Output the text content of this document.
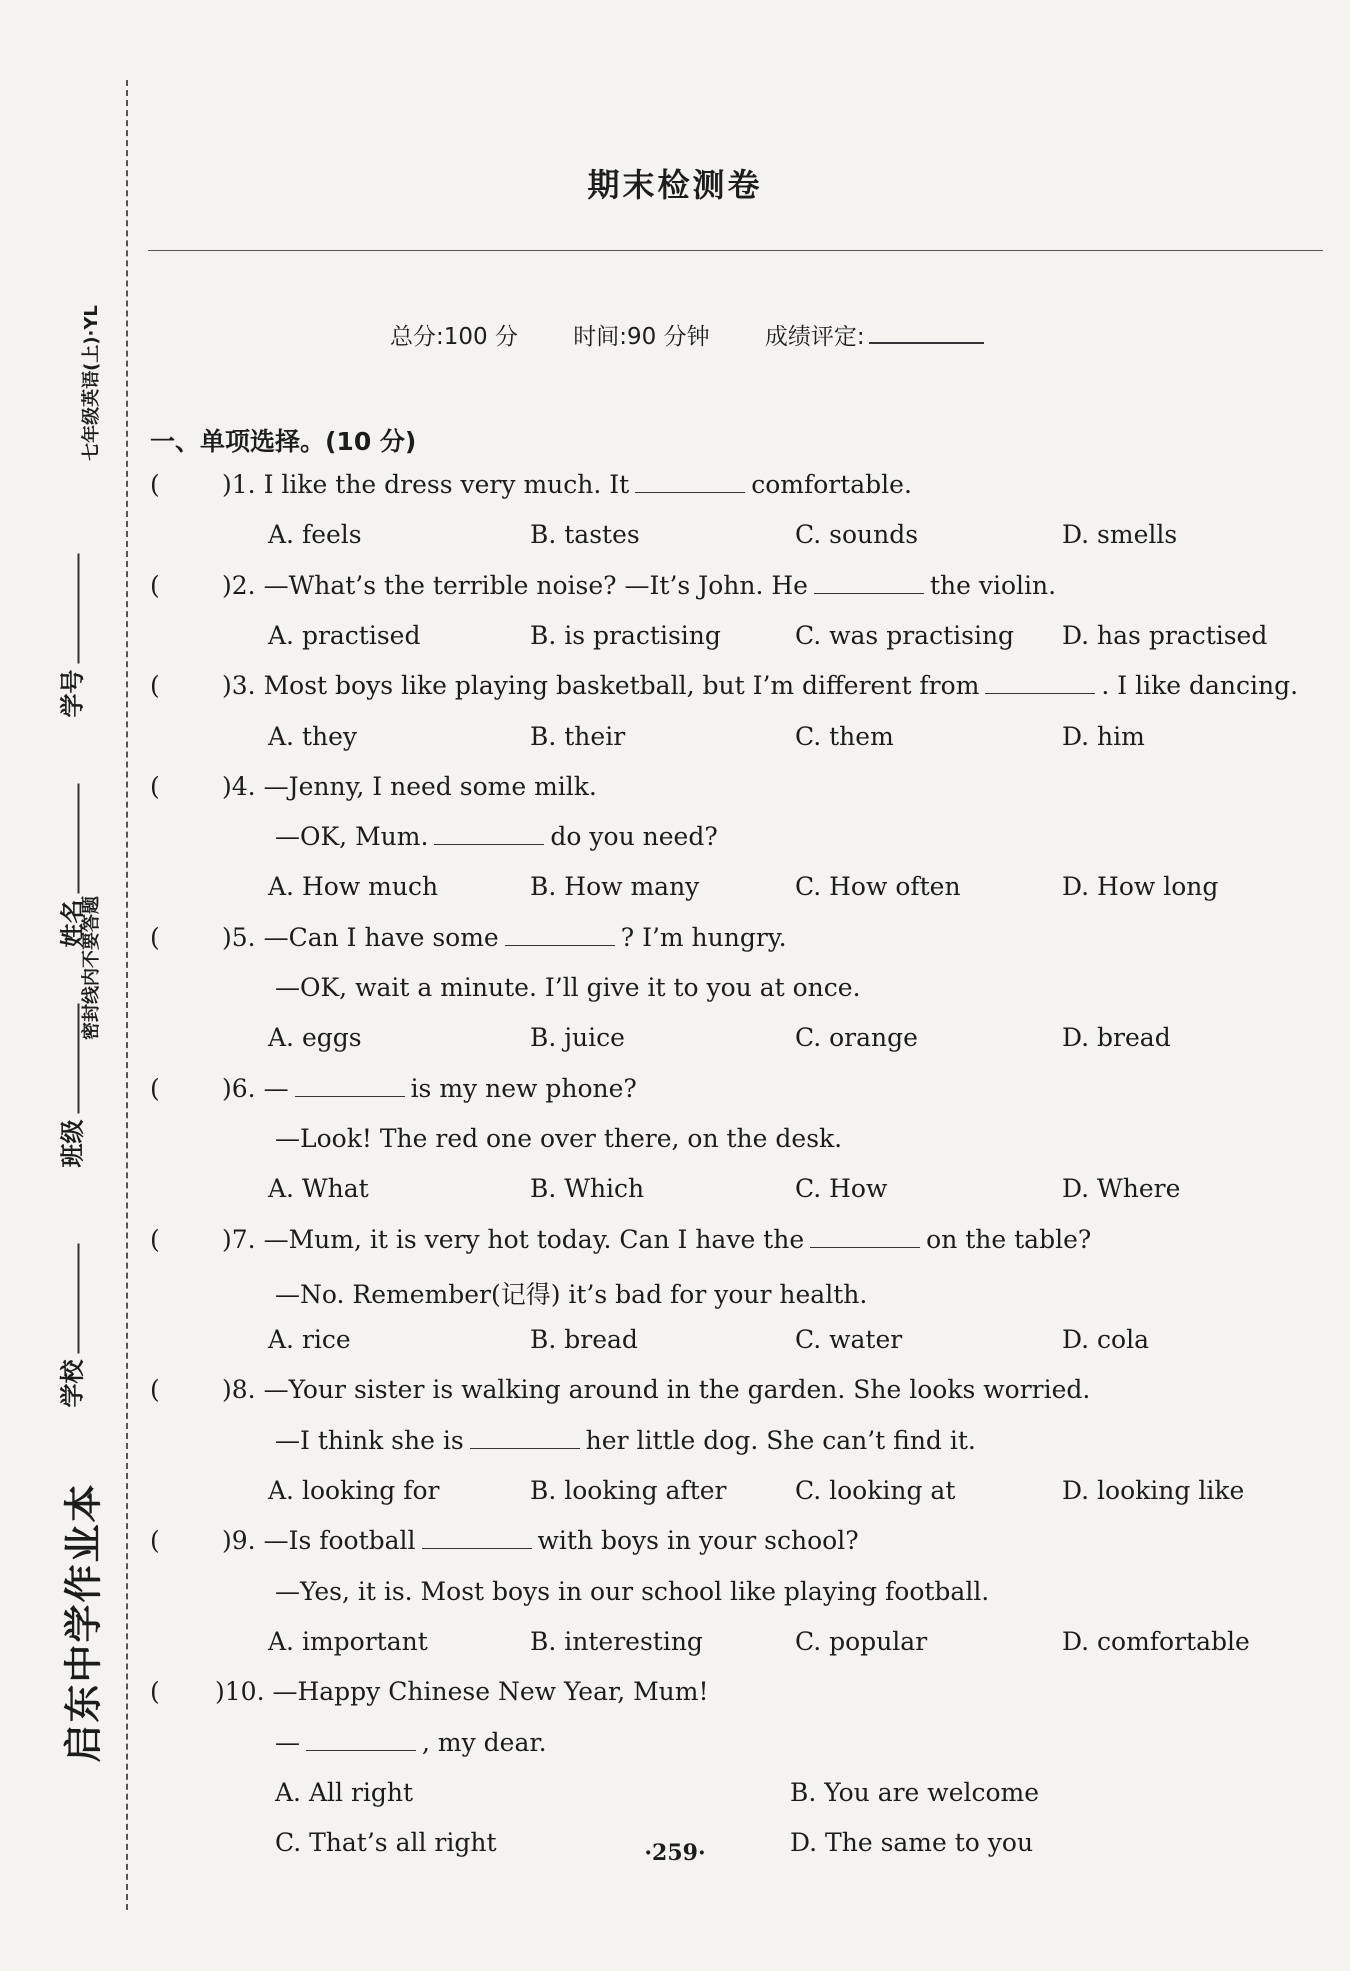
启东中学作业本
学校
班级
姓名
学号
七年级英语(上)·YL
密封线内不要答题
期末检测卷
总分:100 分 时间:90 分钟 成绩评定:
一、单项选择。(10 分)
( )1. I like the dress very much. It	comfortable.
A. feels	B. tastes	C. sounds	D. smells
( )2. —What’s the terrible noise? —It’s John. He	the violin.
A. practised	B. is practising	C. was practising D. has practised
( )3. Most boys like playing basketball, but I’m different from	. I like dancing.
A. they	B. their	C. them	D. him
( )4. —Jenny, I need some milk.
—OK, Mum.	do you need?
A. How much	B. How many	C. How often	D. How long
( )5. —Can I have some	? I’m hungry.
—OK, wait a minute. I’ll give it to you at once.
A. eggs	B. juice	C. orange	D. bread
( )6. —	is my new phone?
—Look! The red one over there, on the desk.
A. What	B. Which	C. How	D. Where
( )7. —Mum, it is very hot today. Can I have the	on the table?
—No. Remember(记得) it’s bad for your health.
A. rice	B. bread	C. water	D. cola
( )8. —Your sister is walking around in the garden. She looks worried.
—I think she is	her little dog. She can’t find it.
A. looking for	B. looking after	C. looking at	D. looking like
( )9. —Is football	with boys in your school?
—Yes, it is. Most boys in our school like playing football.
A. important	B. interesting	C. popular	D. comfortable
( )10. —Happy Chinese New Year, Mum!
—	, my dear.
A. All right	B. You are welcome
C. That’s all right	D. The same to you
·259·
